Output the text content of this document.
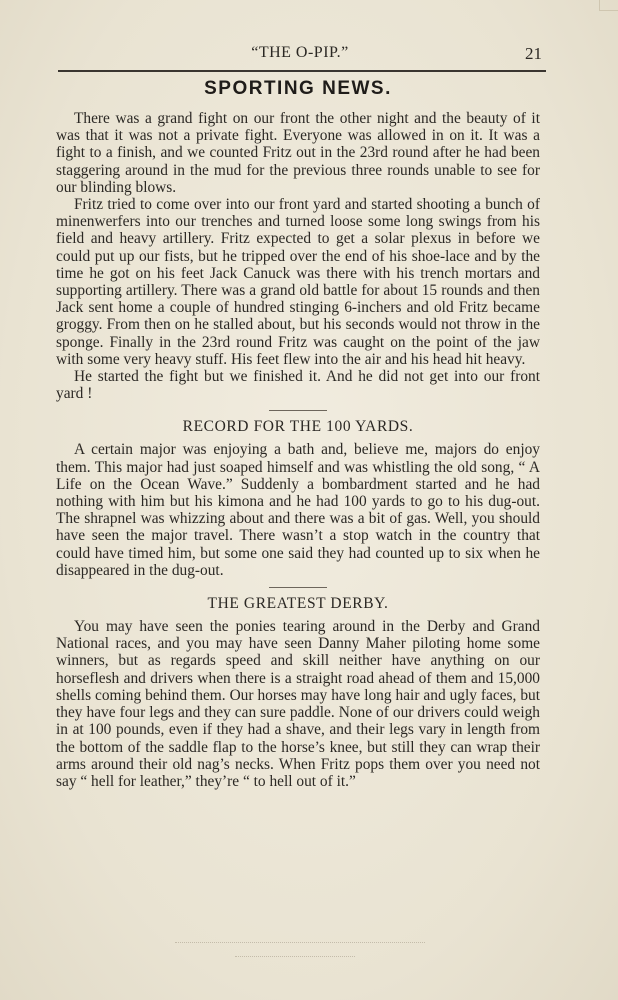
“THE O-PIP.”	21
SPORTING NEWS.

There was a grand fight on our front the other night and the beauty of it was that it was not a private fight. Everyone was allowed in on it. It was a fight to a finish, and we counted Fritz out in the 23rd round after he had been staggering around in the mud for the previous three rounds unable to see for our blinding blows.

Fritz tried to come over into our front yard and started shooting a bunch of minenwerfers into our trenches and turned loose some long swings from his field and heavy artillery. Fritz expected to get a solar plexus in before we could put up our fists, but he tripped over the end of his shoe-lace and by the time he got on his feet Jack Canuck was there with his trench mortars and supporting artillery. There was a grand old battle for about 15 rounds and then Jack sent home a couple of hundred stinging 6-inchers and old Fritz became groggy. From then on he stalled about, but his seconds would not throw in the sponge. Finally in the 23rd round Fritz was caught on the point of the jaw with some very heavy stuff. His feet flew into the air and his head hit heavy.

He started the fight but we finished it. And he did not get into our front yard !

RECORD FOR THE 100 YARDS.

A certain major was enjoying a bath and, believe me, majors do enjoy them. This major had just soaped himself and was whistling the old song, “ A Life on the Ocean Wave.” Suddenly a bombardment started and he had nothing with him but his kimona and he had 100 yards to go to his dug-out. The shrapnel was whizzing about and there was a bit of gas. Well, you should have seen the major travel. There wasn’t a stop watch in the country that could have timed him, but some one said they had counted up to six when he disappeared in the dug-out.

THE GREATEST DERBY.

You may have seen the ponies tearing around in the Derby and Grand National races, and you may have seen Danny Maher piloting home some winners, but as regards speed and skill neither have anything on our horseflesh and drivers when there is a straight road ahead of them and 15,000 shells coming behind them. Our horses may have long hair and ugly faces, but they have four legs and they can sure paddle. None of our drivers could weigh in at 100 pounds, even if they had a shave, and their legs vary in length from the bottom of the saddle flap to the horse’s knee, but still they can wrap their arms around their old nag’s necks. When Fritz pops them over you need not say “ hell for leather,” they’re “ to hell out of it.”
